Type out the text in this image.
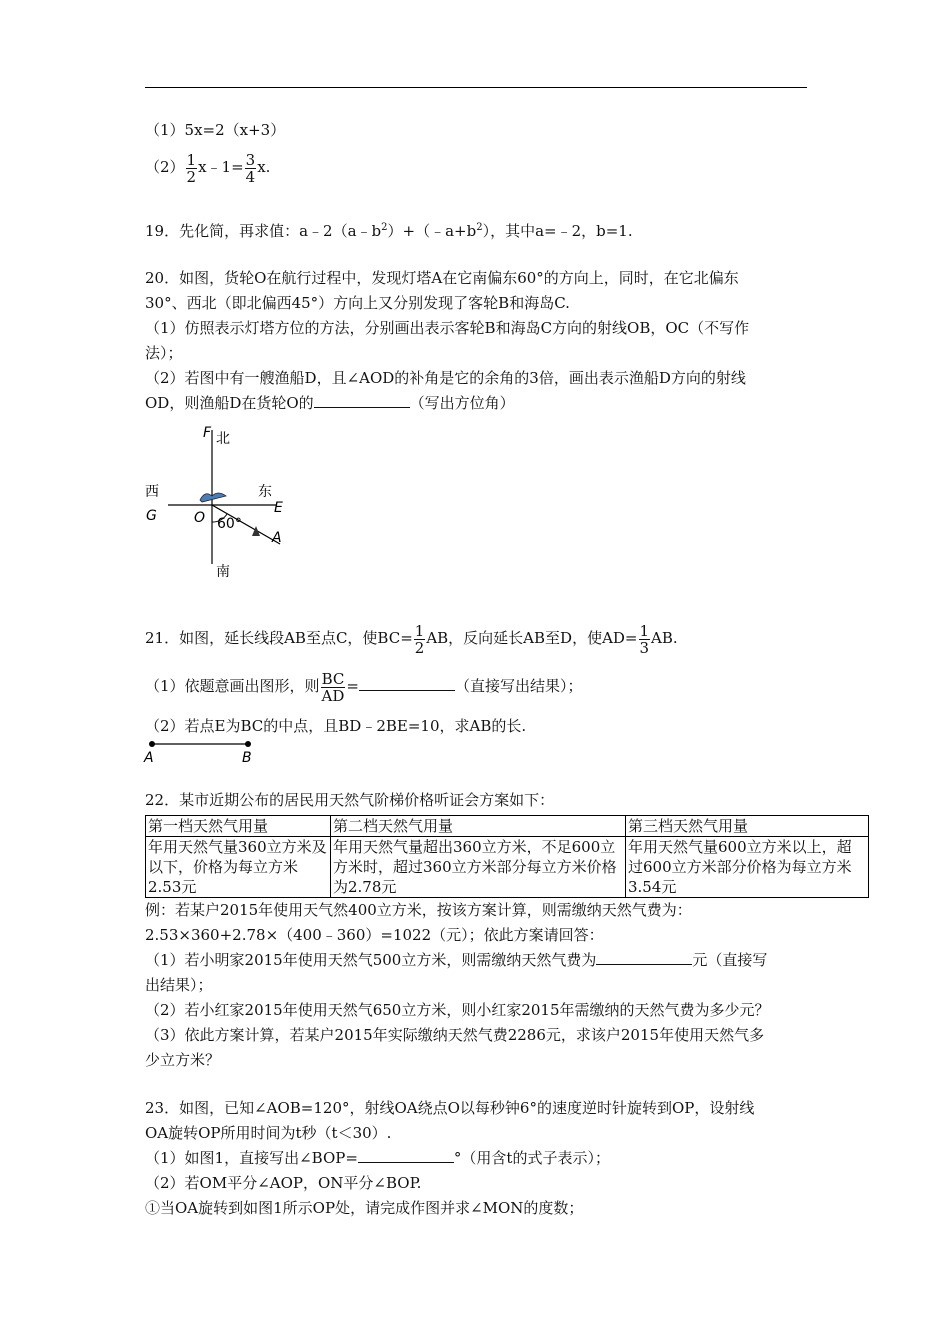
（1）5x=2（x+3）
$(2) \frac{1}{2}$ x﹣1= $\frac{3}{4} x$.
19．先化简，再求值：$a﹣2(a﹣b^2)+(﹣a+b^2)$，其中a=﹣2，b=1.
20．如图，货轮O在航行过程中，发现灯塔A在它南偏东60°的方向上，同时，在它北偏东
30°、西北（即北偏西45°）方向上又分别发现了客轮B和海岛C.
（1）仿照表示灯塔方位的方法，分别画出表示客轮B和海岛C方向的射线OB，OC（不写作
法）；
（2）若图中有一艘渔船D，且∠AOD的补角是它的余角的3倍，画出表示渔船D方向的射线
OD，则渔船D在货轮O的	（写出方位角）
F 北
西	东
G	O
E
60°
A
南
21．如图，延长线段AB至点C，使$BC= \frac{1}{2}$ AB，反向延长AB至D，使$AD= \frac{1}{3}$ AB.
（1）依题意画出图形，则 $\frac{BC}{AD}$ =	（直接写出结果）；
（2）若点E为BC的中点，且BD﹣2BE=10，求AB的长.
A	B
22．某市近期公布的居民用天然气阶梯价格听证会方案如下：
第一档天然气用量	第二档天然气用量	第三档天然气用量
年用天然气量360立方米及以下，价格为每立方米2.53元	年用天然气量超出360立方米，不足600立方米时，超过360立方米部分每立方米价格为2.78元	年用天然气量600立方米以上，超过600立方米部分价格为每立方米3.54元
例：若某户2015年使用天气然400立方米，按该方案计算，则需缴纳天然气费为：
2.53×360+2.78×（400﹣360）=1022（元）；依此方案请回答：
（1）若小明家2015年使用天然气500立方米，则需缴纳天然气费为	元（直接写
出结果）；
（2）若小红家2015年使用天然气650立方米，则小红家2015年需缴纳的天然气费为多少元？
（3）依此方案计算，若某户2015年实际缴纳天然气费2286元，求该户2015年使用天然气多
少立方米？
23．如图，已知∠AOB=120°，射线OA绕点O以每秒钟6°的速度逆时针旋转到OP，设射线
OA旋转OP所用时间为t秒（t＜30）.
（1）如图1，直接写出∠BOP=	°（用含t的式子表示）；
（2）若OM平分∠AOP，ON平分∠BOP.
①当OA旋转到如图1所示OP处，请完成作图并求∠MON的度数；
